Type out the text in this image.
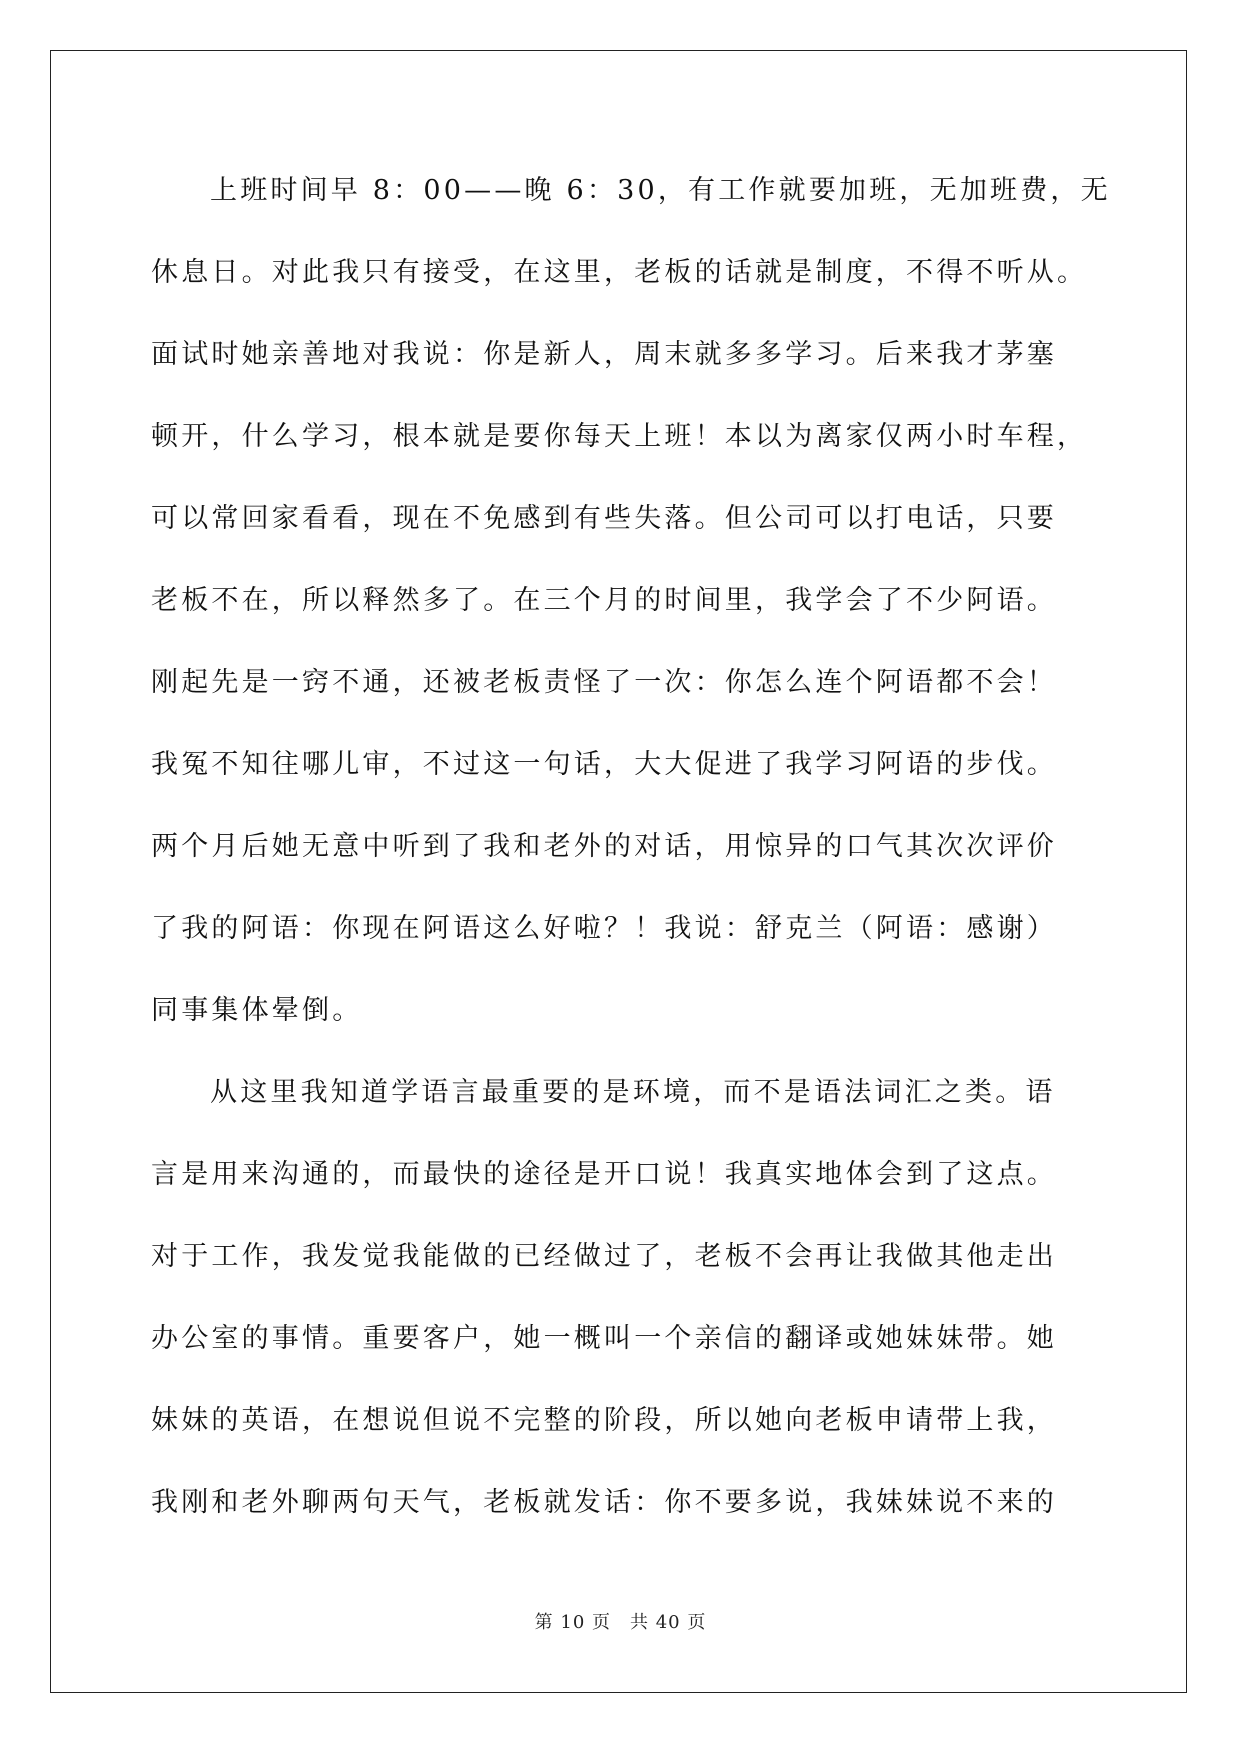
上班时间早 8：00——晚 6：30，有工作就要加班，无加班费，无
休息日。对此我只有接受，在这里，老板的话就是制度，不得不听从。
面试时她亲善地对我说：你是新人，周末就多多学习。后来我才茅塞
顿开，什么学习，根本就是要你每天上班！本以为离家仅两小时车程，
可以常回家看看，现在不免感到有些失落。但公司可以打电话，只要
老板不在，所以释然多了。在三个月的时间里，我学会了不少阿语。
刚起先是一窍不通，还被老板责怪了一次：你怎么连个阿语都不会！
我冤不知往哪儿审，不过这一句话，大大促进了我学习阿语的步伐。
两个月后她无意中听到了我和老外的对话，用惊异的口气其次次评价
了我的阿语：你现在阿语这么好啦？！我说：舒克兰（阿语：感谢）
同事集体晕倒。
从这里我知道学语言最重要的是环境，而不是语法词汇之类。语
言是用来沟通的，而最快的途径是开口说！我真实地体会到了这点。
对于工作，我发觉我能做的已经做过了，老板不会再让我做其他走出
办公室的事情。重要客户，她一概叫一个亲信的翻译或她妹妹带。她
妹妹的英语，在想说但说不完整的阶段，所以她向老板申请带上我，
我刚和老外聊两句天气，老板就发话：你不要多说，我妹妹说不来的
第 10 页　共 40 页
